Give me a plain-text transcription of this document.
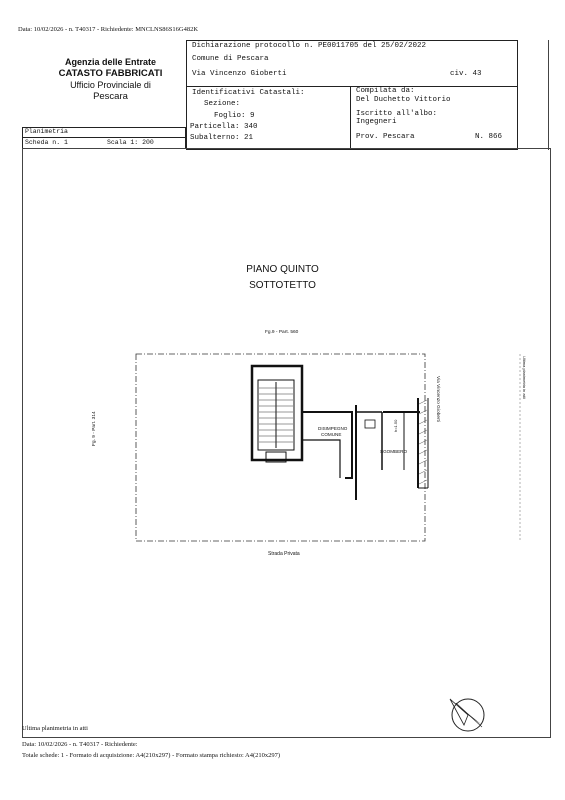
Data: 10/02/2026 - n. T40317 - Richiedente: MNCLNS86S16G482K
Agenzia delle Entrate
CATASTO FABBRICATI
Ufficio Provinciale di
Pescara
Dichiarazione protocollo n. PE0011705 del 25/02/2022
Comune di Pescara
Via Vincenzo Gioberti	civ. 43
Identificativi Catastali:
Sezione:
Foglio: 9
Particella: 340
Subalterno: 21
Compilata da:
Del Duchetto Vittorio
Iscritto all'albo:
Ingegneri
Prov. Pescara	N. 866
Planimetria
Scheda n. 1	Scala 1: 200
PIANO QUINTO
SOTTOTETTO
Fg.9 - Part. 560
Fg. 9 - Part. 314
Via Vincenzo Gioberti
Strada Privata
DISIMPEGNO
COMUNE
SGOMBERO
h=1.50
Ultima planimetria in atti
Ultima planimetria in atti
Data: 10/02/2026 - n. T40317 - Richiedente:
Totale schede: 1 - Formato di acquisizione: A4(210x297) - Formato stampa richiesto: A4(210x297)
